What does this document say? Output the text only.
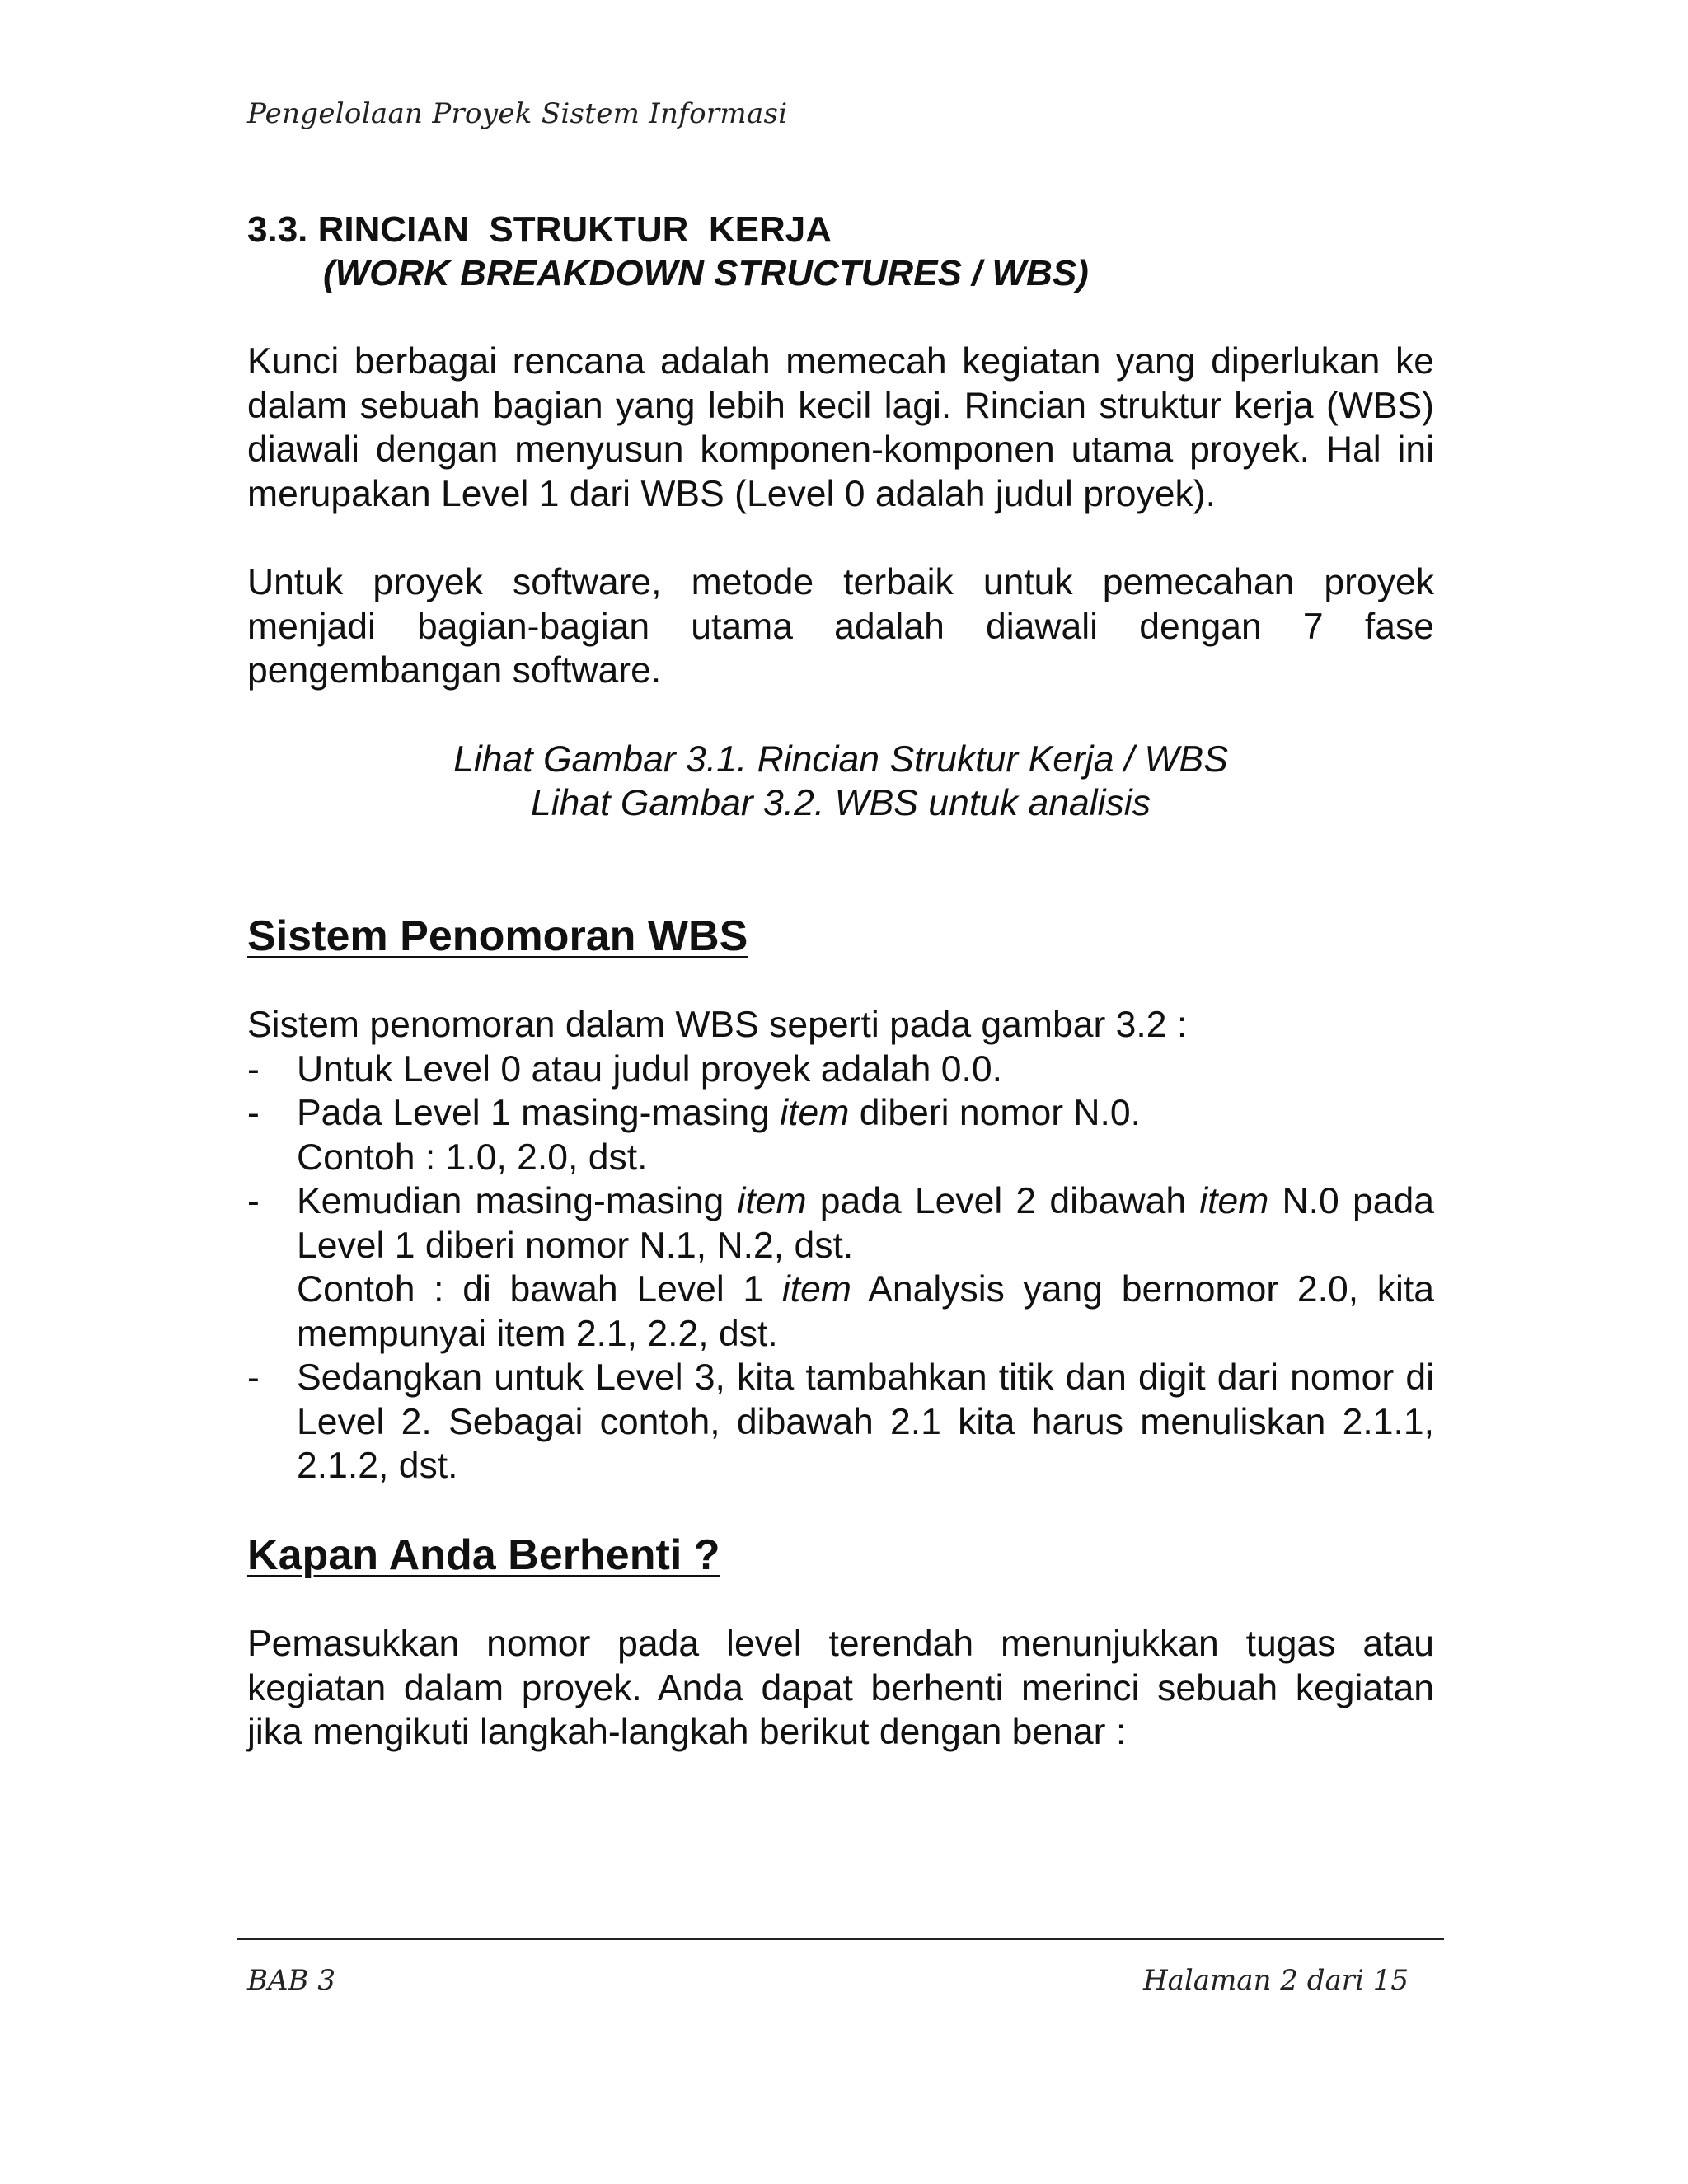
Pengelolaan Proyek Sistem Informasi
3.3. RINCIAN  STRUKTUR  KERJA
(WORK BREAKDOWN STRUCTURES / WBS)

Kunci berbagai rencana adalah memecah kegiatan yang diperlukan ke dalam sebuah bagian yang lebih kecil lagi. Rincian struktur kerja (WBS) diawali dengan menyusun komponen-komponen utama proyek. Hal ini merupakan Level 1 dari WBS (Level 0 adalah judul proyek).

Untuk proyek software, metode terbaik untuk pemecahan proyek menjadi bagian-bagian utama adalah diawali dengan 7 fase pengembangan software.

Lihat Gambar 3.1. Rincian Struktur Kerja / WBS
Lihat Gambar 3.2. WBS untuk analisis
Sistem Penomoran WBS

Sistem penomoran dalam WBS seperti pada gambar 3.2 :

-	Untuk Level 0 atau judul proyek adalah 0.0.
-	Pada Level 1 masing-masing item diberi nomor N.0.
Contoh : 1.0, 2.0, dst.
-	Kemudian masing-masing item pada Level 2 dibawah item N.0 pada Level 1 diberi nomor N.1, N.2, dst.
Contoh : di bawah Level 1 item Analysis yang bernomor 2.0, kita mempunyai item 2.1, 2.2, dst.
-	Sedangkan untuk Level 3, kita tambahkan titik dan digit dari nomor di Level 2. Sebagai contoh, dibawah 2.1 kita harus menuliskan 2.1.1, 2.1.2, dst.
Kapan Anda Berhenti ?

Pemasukkan nomor pada level terendah menunjukkan tugas atau kegiatan dalam proyek. Anda dapat berhenti merinci sebuah kegiatan jika mengikuti langkah-langkah berikut dengan benar :

BAB 3	Halaman 2 dari 15
